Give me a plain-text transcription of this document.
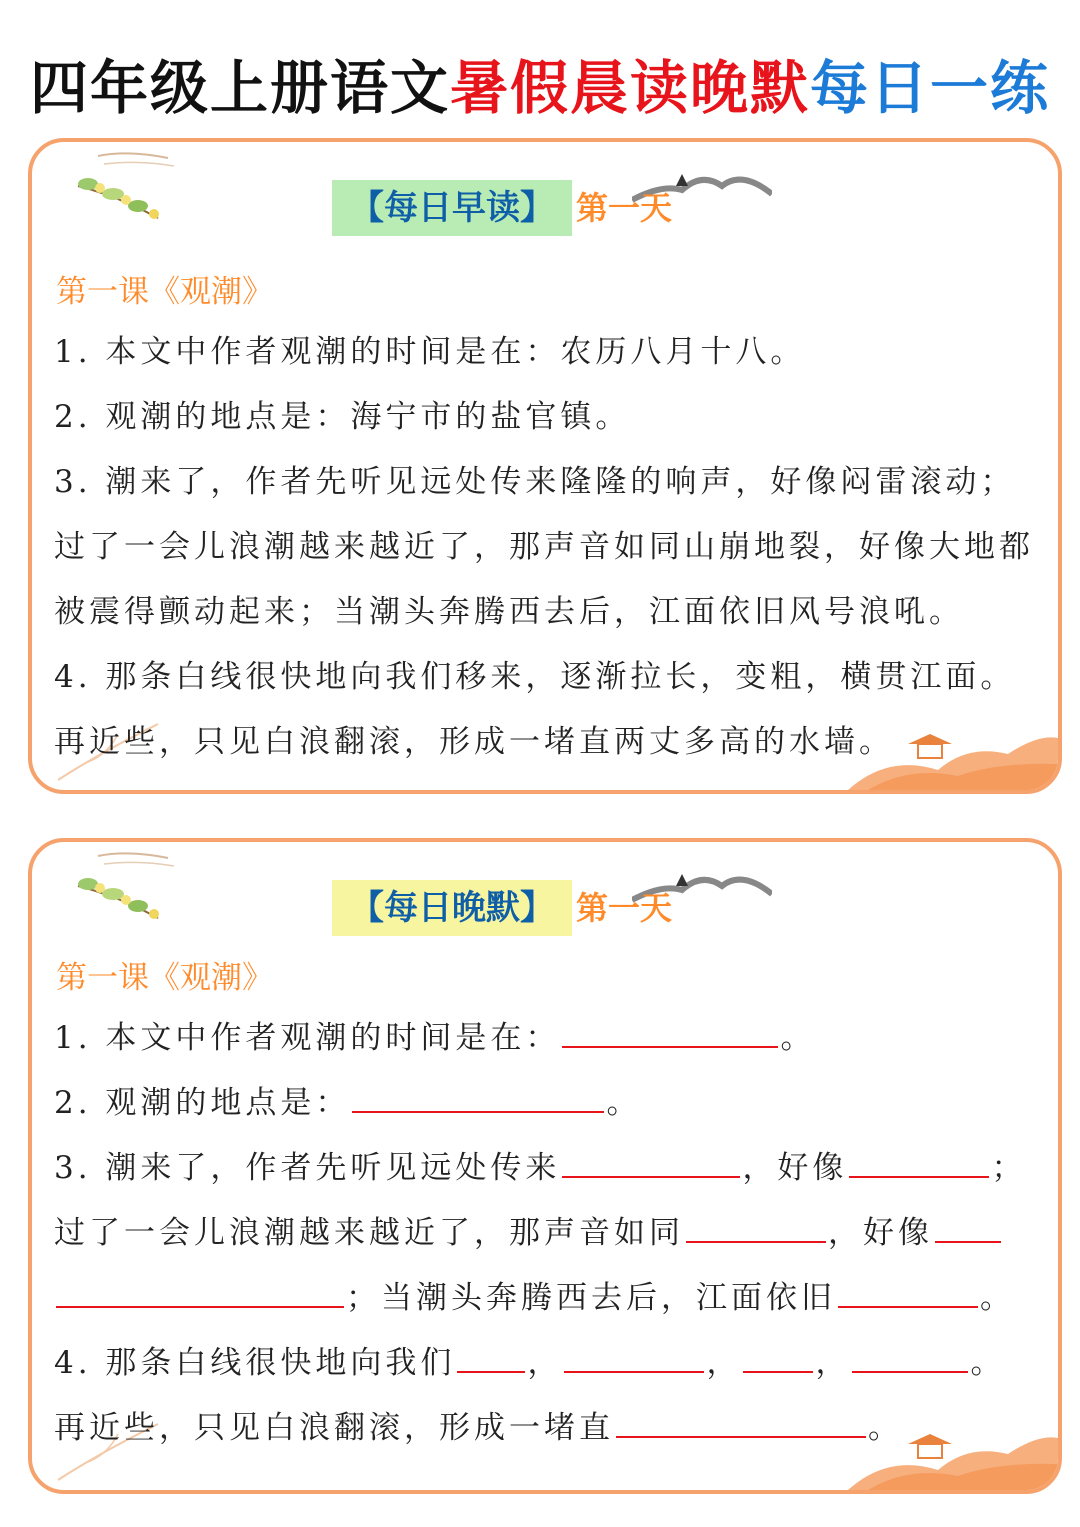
四年级上册语文暑假晨读晚默每日一练
【每日早读】 第一天
第一课《观潮》

1. 本文中作者观潮的时间是在：农历八月十八。

2. 观潮的地点是：海宁市的盐官镇。

3. 潮来了，作者先听见远处传来隆隆的响声，好像闷雷滚动；过了一会儿浪潮越来越近了，那声音如同山崩地裂，好像大地都被震得颤动起来；当潮头奔腾西去后，江面依旧风号浪吼。

4. 那条白线很快地向我们移来，逐渐拉长，变粗，横贯江面。再近些，只见白浪翻滚，形成一堵直两丈多高的水墙。

【每日晚默】 第一天
第一课《观潮》

1. 本文中作者观潮的时间是在：	。

2. 观潮的地点是：	。

3. 潮来了，作者先听见远处传来	，好像	；

过了一会儿浪潮越来越近了，那声音如同	，好像

；当潮头奔腾西去后，江面依旧	。

4. 那条白线很快地向我们 ，	， ，	。

再近些，只见白浪翻滚，形成一堵直	。
